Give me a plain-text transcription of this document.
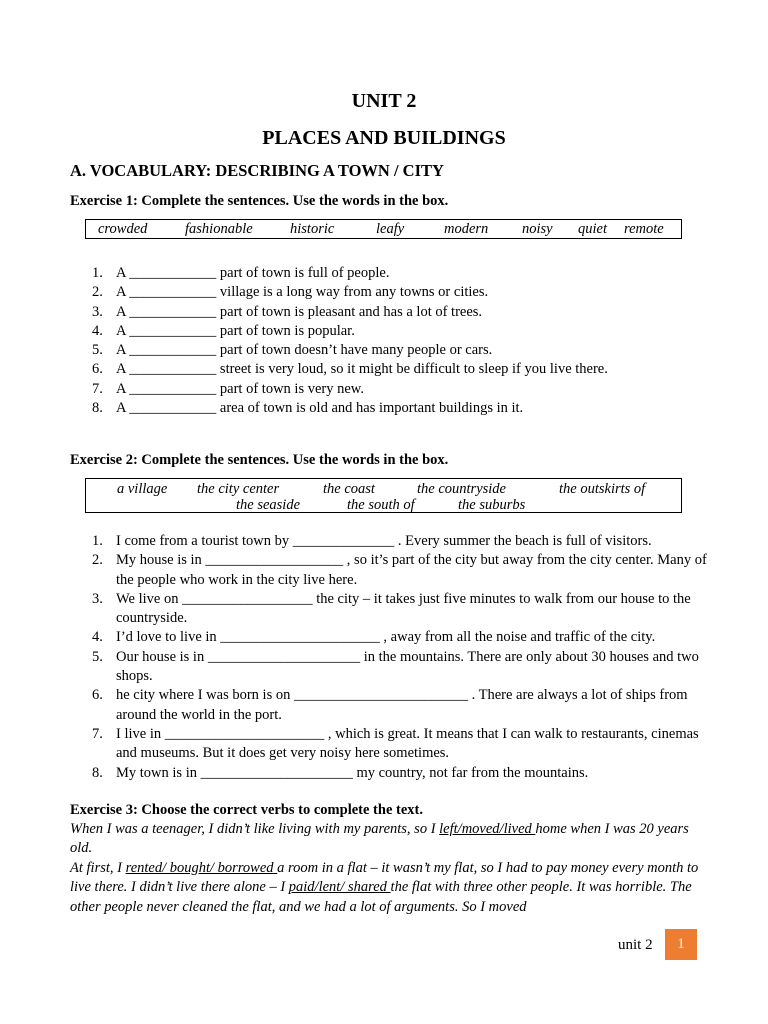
UNIT 2
PLACES AND BUILDINGS
A. VOCABULARY: DESCRIBING A TOWN / CITY
Exercise 1: Complete the sentences. Use the words in the box.
crowded	fashionable	historic	leafy	modern noisy quiet remote
1. A ____________ part of town is full of people.
2. A ____________ village is a long way from any towns or cities.
3. A ____________ part of town is pleasant and has a lot of trees.
4. A ____________ part of town is popular.
5. A ____________ part of town doesn’t have many people or cars.
6. A ____________ street is very loud, so it might be difficult to sleep if you live there.
7. A ____________ part of town is very new.
8. A ____________ area of town is old and has important buildings in it.
Exercise 2: Complete the sentences. Use the words in the box.
a village the city center	the coast	the countryside	the outskirts of
the seaside	the south of	the suburbs
1. I come from a tourist town by ______________ . Every summer the beach is full of visitors.
2. My house is in ___________________ , so it’s part of the city but away from the city center. Many of the people who work in the city live here.
3. We live on __________________ the city – it takes just five minutes to walk from our house to the countryside.
4. I’d love to live in ______________________ , away from all the noise and traffic of the city.
5. Our house is in _____________________ in the mountains. There are only about 30 houses and two shops.
6. he city where I was born is on ________________________ . There are always a lot of ships from around the world in the port.
7. I live in ______________________ , which is great. It means that I can walk to restaurants, cinemas and museums. But it does get very noisy here sometimes.
8. My town is in _____________________ my country, not far from the mountains.
Exercise 3: Choose the correct verbs to complete the text.
When I was a teenager, I didn’t like living with my parents, so I left/moved/lived home when I was 20 years old.
At first, I rented/ bought/ borrowed a room in a flat – it wasn’t my flat, so I had to pay money every month to live there. I didn’t live there alone – I paid/lent/ shared the flat with three other people. It was horrible. The other people never cleaned the flat, and we had a lot of arguments. So I moved
unit 2	1
